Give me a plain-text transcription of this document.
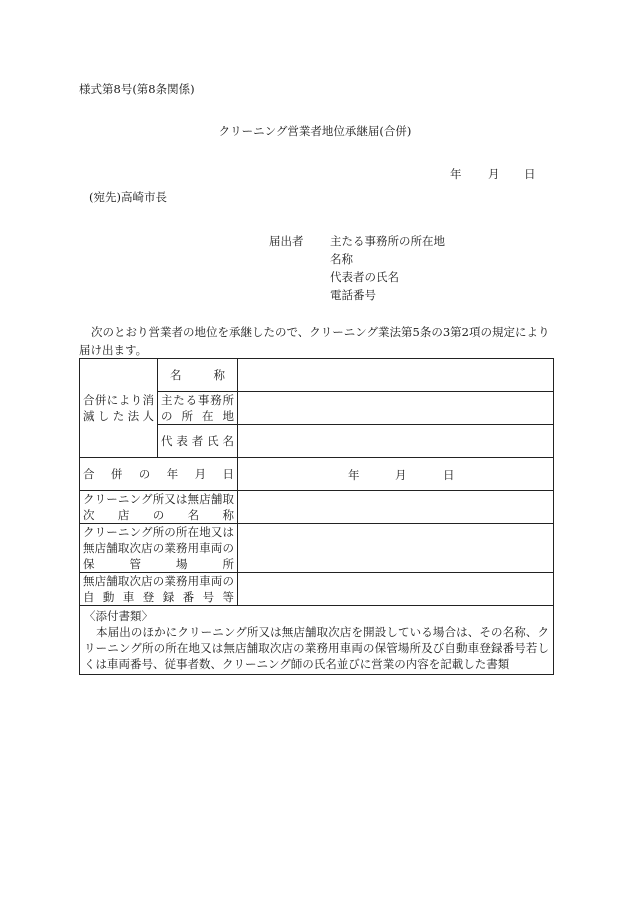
様式第8号(第8条関係)
クリーニング営業者地位承継届(合併)
年 月 日
(宛先)高崎市長
届出者 主たる事務所の所在地
名称
代表者の氏名
電話番号
次のとおり営業者の地位を承継したので、クリーニング業法第5条の3第2項の規定により届け出ます。
合併により消滅した法人	名称	
	主たる事務所の所在地	
	代表者氏名	
合併の年月日		年 月 日

クリーニング所又は無店舗取次店の名称		
クリーニング所の所在地又は無店舗取次店の業務用車両の保管場所		
無店舗取次店の業務用車両の自動車登録番号等		

〈添付書類〉
本届出のほかにクリーニング所又は無店舗取次店を開設している場合は、その名称、クリーニング所の所在地又は無店舗取次店の業務用車両の保管場所及び自動車登録番号若しくは車両番号、従事者数、クリーニング師の氏名並びに営業の内容を記載した書類		
